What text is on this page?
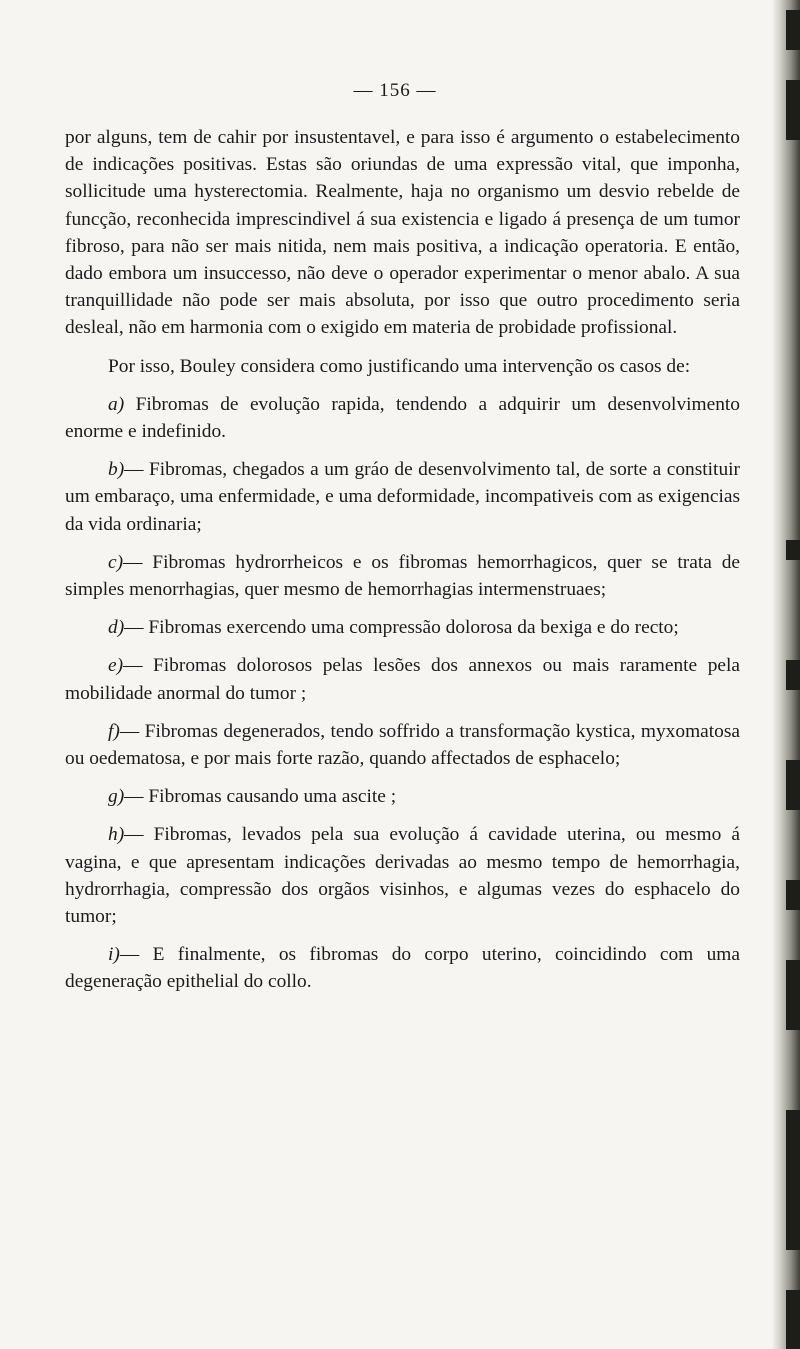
— 156 —

por alguns, tem de cahir por insustentavel, e para isso é argumento o estabelecimento de indicações positivas. Estas são oriundas de uma expressão vital, que imponha, sollicitude uma hysterectomia. Realmente, haja no organismo um desvio rebelde de funcção, reconhecida imprescindivel á sua existencia e ligado á presença de um tumor fibroso, para não ser mais nitida, nem mais positiva, a indicação operatoria. E então, dado embora um insuccesso, não deve o operador experimentar o menor abalo. A sua tranquillidade não pode ser mais absoluta, por isso que outro procedimento seria desleal, não em harmonia com o exigido em materia de probidade profissional.

Por isso, Bouley considera como justificando uma intervenção os casos de:

a) Fibromas de evolução rapida, tendendo a adquirir um desenvolvimento enorme e indefinido.

b)— Fibromas, chegados a um gráo de desenvolvimento tal, de sorte a constituir um embaraço, uma enfermidade, e uma deformidade, incompativeis com as exigencias da vida ordinaria;

c)— Fibromas hydrorrheicos e os fibromas hemorrhagicos, quer se trata de simples menorrhagias, quer mesmo de hemorrhagias intermenstruaes;

d)— Fibromas exercendo uma compressão dolorosa da bexiga e do recto;

e)— Fibromas dolorosos pelas lesões dos annexos ou mais raramente pela mobilidade anormal do tumor ;

f)— Fibromas degenerados, tendo soffrido a transformação kystica, myxomatosa ou oedematosa, e por mais forte razão, quando affectados de esphacelo;

g)— Fibromas causando uma ascite ;

h)— Fibromas, levados pela sua evolução á cavidade uterina, ou mesmo á vagina, e que apresentam indicações derivadas ao mesmo tempo de hemorrhagia, hydrorrhagia, compressão dos orgãos visinhos, e algumas vezes do esphacelo do tumor;

i)— E finalmente, os fibromas do corpo uterino, coincidindo com uma degeneração epithelial do collo.
